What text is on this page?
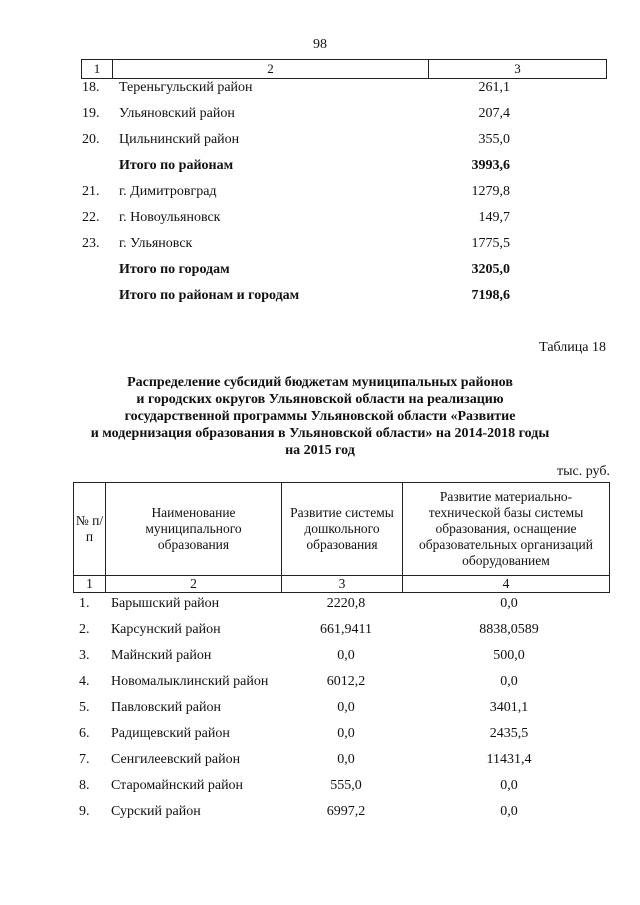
98
1	2	3
18. Тереньгульский район	261,1
19. Ульяновский район	207,4
20. Цильнинский район	355,0
Итого по районам	3993,6
21. г. Димитровград	1279,8
22. г. Новоульяновск	149,7
23. г. Ульяновск	1775,5
Итого по городам	3205,0
Итого по районам и городам	7198,6
Таблица 18
Распределение субсидий бюджетам муниципальных районов
и городских округов Ульяновской области на реализацию
государственной программы Ульяновской области «Развитие
и модернизация образования в Ульяновской области» на 2014-2018 годы
на 2015 год
тыс. руб.
№ п/п	Наименование муниципального образования	Развитие системы дошкольного образования	Развитие материально-технической базы системы образования, оснащение образовательных организаций оборудованием
1	2	3	4
1.	Барышский район	2220,8	0,0
2.	Карсунский район	661,9411	8838,0589
3.	Майнский район	0,0	500,0
4.	Новомалыклинский район	6012,2	0,0
5.	Павловский район	0,0	3401,1
6.	Радищевский район	0,0	2435,5
7.	Сенгилеевский район	0,0	11431,4
8.	Старомайнский район	555,0	0,0
9.	Сурский район	6997,2	0,0
